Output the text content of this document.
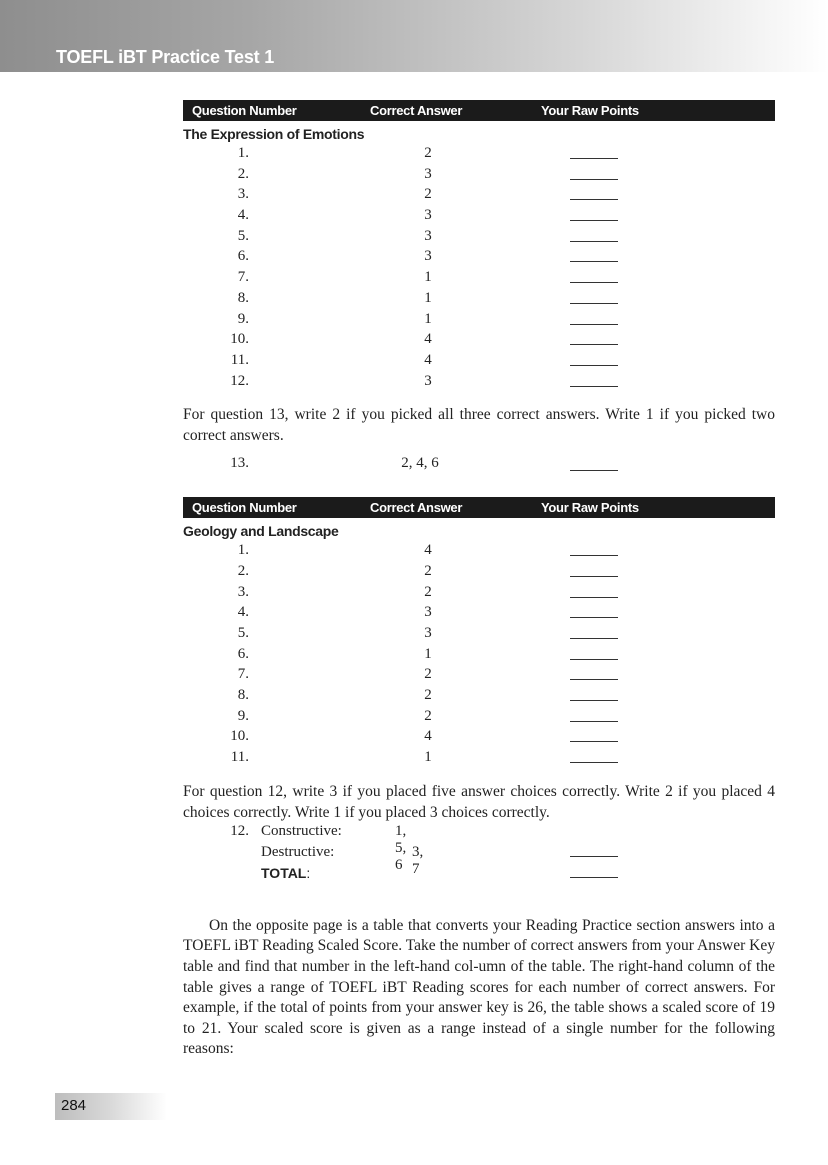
TOEFL iBT Practice Test 1
Question Number	Correct Answer	Your Raw Points
The Expression of Emotions
1.	2
2.	3
3.	2
4.	3
5.	3
6.	3
7.	1
8.	1
9.	1
10.	4
11.	4
12.	3

For question 13, write 2 if you picked all three correct answers. Write 1 if you picked two correct answers.

13.	2, 4, 6
Question Number	Correct Answer	Your Raw Points
Geology and Landscape
1.	4
2.	2
3.	2
4.	3
5.	3
6.	1
7.	2
8.	2
9.	2
10.	4
11.	1

For question 12, write 3 if you placed five answer choices correctly. Write 2 if you placed 4 choices correctly. Write 1 if you placed 3 choices correctly.

12. Constructive:	1, 5, 6
Destructive:	3, 7
TOTAL:

On the opposite page is a table that converts your Reading Practice section answers into a TOEFL iBT Reading Scaled Score. Take the number of correct answers from your Answer Key table and find that number in the left-hand col-umn of the table. The right-hand column of the table gives a range of TOEFL iBT Reading scores for each number of correct answers. For example, if the total of points from your answer key is 26, the table shows a scaled score of 19 to 21. Your scaled score is given as a range instead of a single number for the following reasons:

284
